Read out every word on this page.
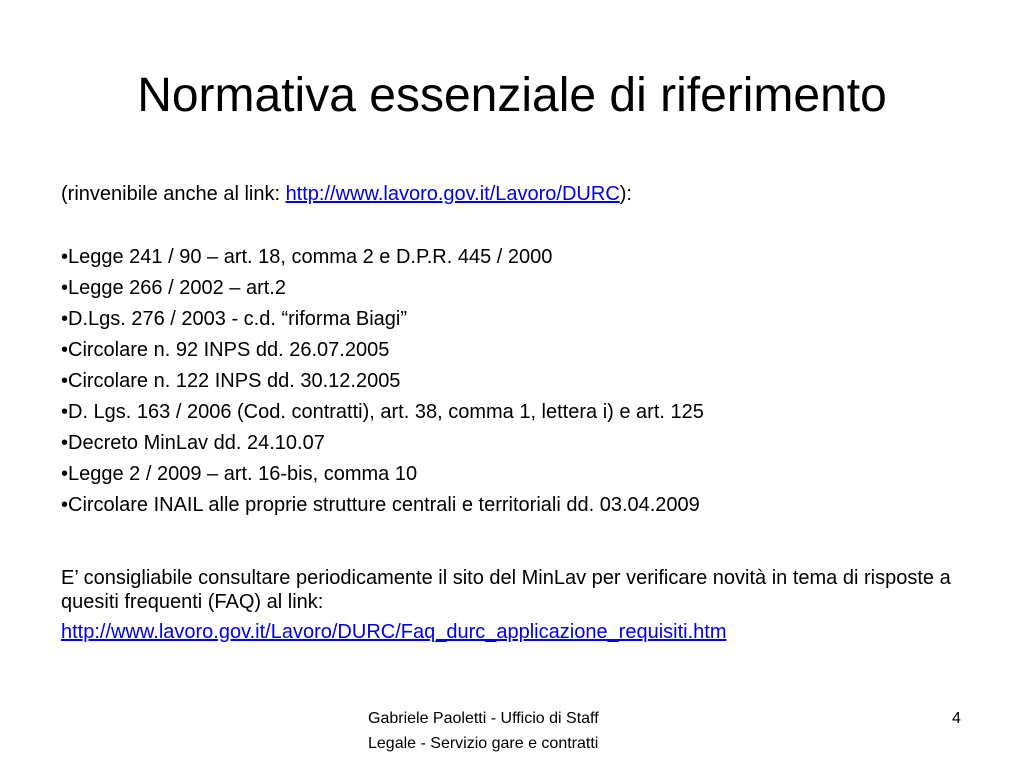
Normativa essenziale di riferimento
(rinvenibile anche al link: http://www.lavoro.gov.it/Lavoro/DURC):
•Legge 241 / 90 – art. 18, comma 2 e D.P.R. 445 / 2000
•Legge 266 / 2002 – art.2
•D.Lgs. 276 / 2003 - c.d. “riforma Biagi”
•Circolare n. 92 INPS dd. 26.07.2005
•Circolare n. 122 INPS dd. 30.12.2005
•D. Lgs. 163 / 2006 (Cod. contratti), art. 38, comma 1, lettera i) e art. 125
•Decreto MinLav dd. 24.10.07
•Legge 2 / 2009 – art. 16-bis, comma 10
•Circolare INAIL alle proprie strutture centrali e territoriali dd. 03.04.2009

E’ consigliabile consultare periodicamente il sito del MinLav per verificare novità in tema di risposte a quesiti frequenti (FAQ) al link:

http://www.lavoro.gov.it/Lavoro/DURC/Faq_durc_applicazione_requisiti.htm

Gabriele Paoletti - Ufficio di Staff
Legale - Servizio gare e contratti

4
